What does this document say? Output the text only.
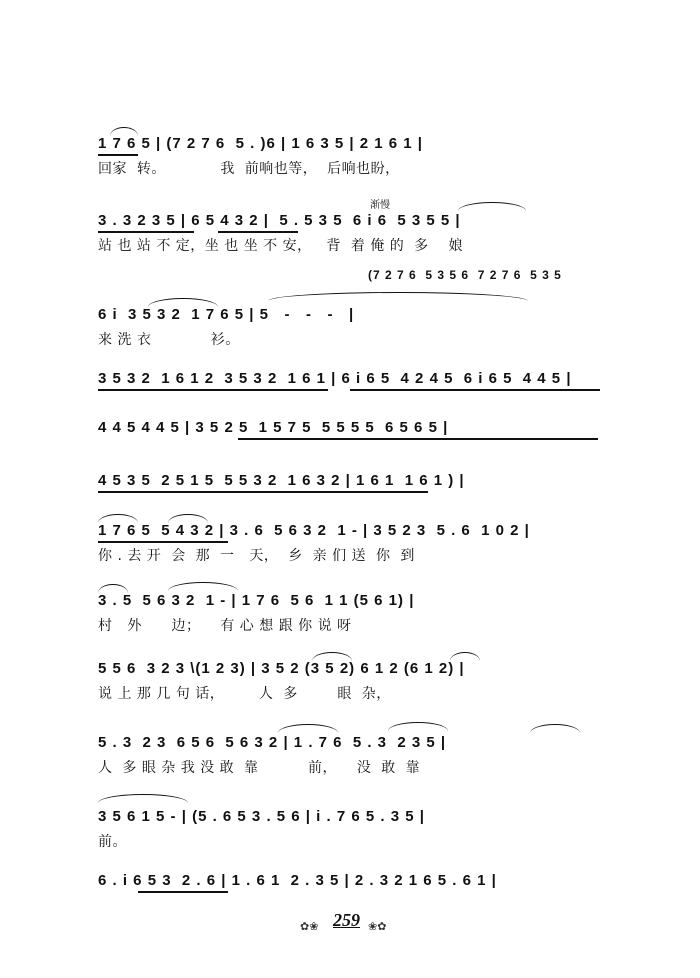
1 7 6 5 | (7 2 7 6  5 . )6 | 1 6 3 5 | 2 1 6 1 |
回家  转。           我  前响也等，  后响也盼，
渐慢
3 . 3 2 3 5 | 6 5 4 3 2 |  5 . 5 3 5  6 i 6  5 3 5 5 |
站 也 站 不 定，坐 也 坐 不 安，   背  着 俺 的  多    娘
(7 2 7 6  5 3 5 6  7 2 7 6  5 3 5
6 i  3 5 3 2  1 7 6 5 | 5   -   -   -   |
来 洗 衣            衫。
3 5 3 2  1 6 1 2  3 5 3 2  1 6 1 | 6 i 6 5  4 2 4 5  6 i 6 5  4 4 5 |
4 4 5 4 4 5 | 3 5 2 5  1 5 7 5  5 5 5 5  6 5 6 5 |
4 5 3 5  2 5 1 5  5 5 3 2  1 6 3 2 | 1 6 1  1 6 1 ) |
1 7 6 5  5 4 3 2 | 3 . 6  5 6 3 2  1 - | 3 5 2 3  5 . 6  1 0 2 |
你 . 去 开  会  那  一   天，  乡  亲 们 送  你  到
3 . 5  5 6 3 2  1 - | 1 7 6  5 6  1 1 (5 6 1) |
村   外      边；    有 心 想 跟 你 说 呀
5 5 6  3 2 3 \(1 2 3) | 3 5 2 (3 5 2) 6 1 2 (6 1 2) |
说 上 那 几 句 话，       人  多        眼  杂，
5 . 3  2 3  6 5 6  5 6 3 2 | 1 . 7 6  5 . 3  2 3 5 |
人  多 眼 杂 我 没 敢  靠          前，    没  敢  靠
3 5 6 1 5 - | (5 . 6 5 3 . 5 6 | i . 7 6 5 . 3 5 |
前。
6 . i 6 5 3  2 . 6 | 1 . 6 1  2 . 3 5 | 2 . 3 2 1 6 5 . 6 1 |
✿❀ 259 ❀✿
